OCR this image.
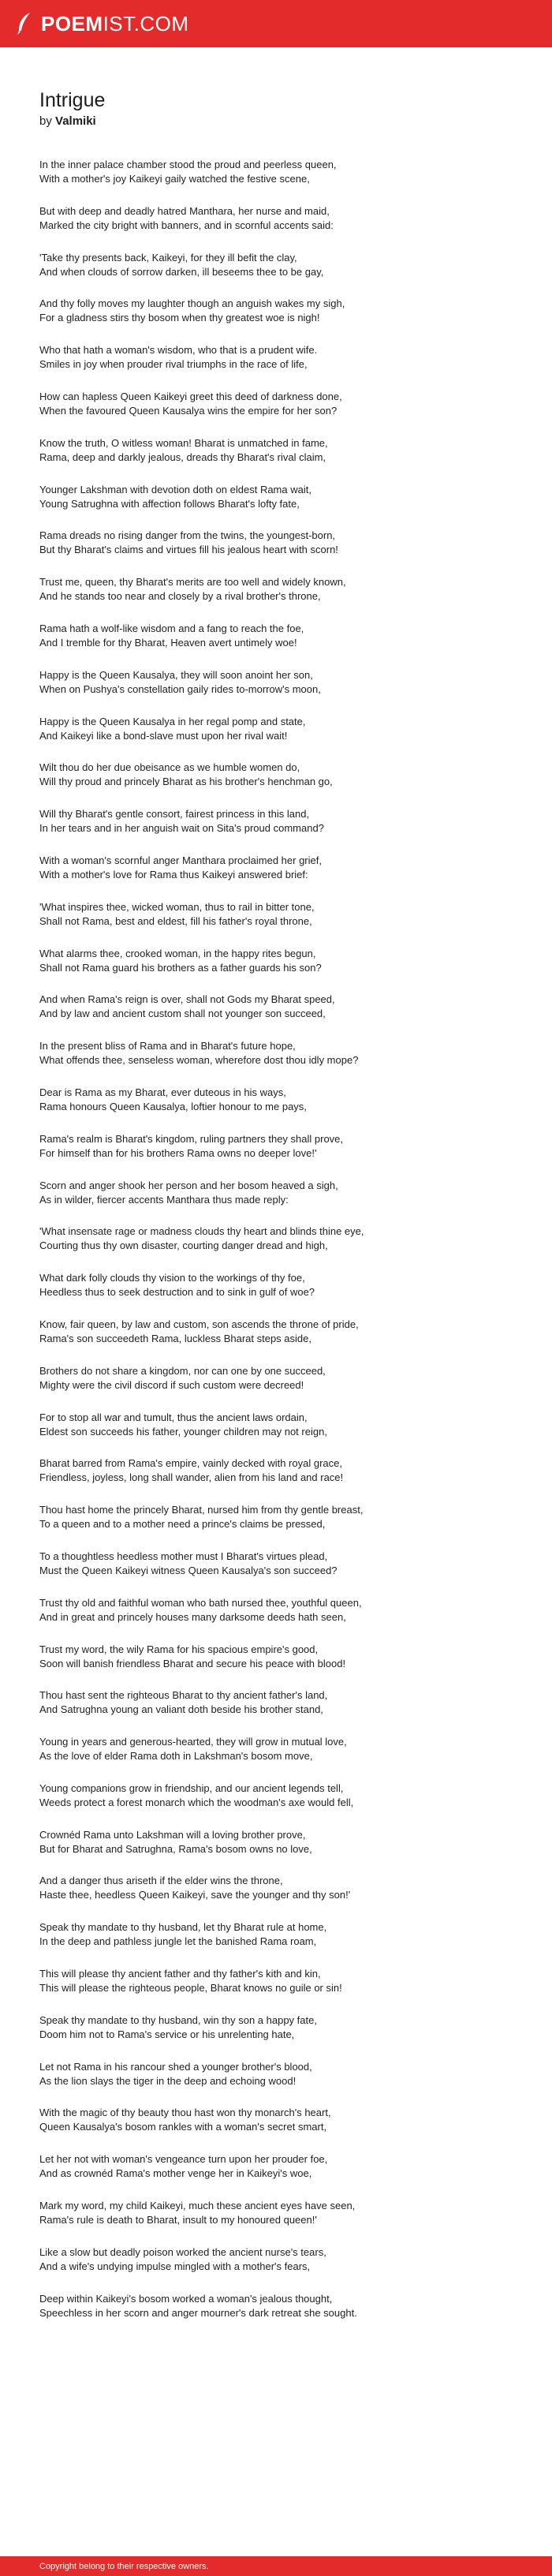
POEMIST.COM
Intrigue
by Valmiki
In the inner palace chamber stood the proud and peerless queen,
With a mother's joy Kaikeyi gaily watched the festive scene,
But with deep and deadly hatred Manthara, her nurse and maid,
Marked the city bright with banners, and in scornful accents said:
'Take thy presents back, Kaikeyi, for they ill befit the clay,
And when clouds of sorrow darken, ill beseems thee to be gay,
And thy folly moves my laughter though an anguish wakes my sigh,
For a gladness stirs thy bosom when thy greatest woe is nigh!
Who that hath a woman's wisdom, who that is a prudent wife.
Smiles in joy when prouder rival triumphs in the race of life,
How can hapless Queen Kaikeyi greet this deed of darkness done,
When the favoured Queen Kausalya wins the empire for her son?
Know the truth, O witless woman! Bharat is unmatched in fame,
Rama, deep and darkly jealous, dreads thy Bharat's rival claim,
Younger Lakshman with devotion doth on eldest Rama wait,
Young Satrughna with affection follows Bharat's lofty fate,
Rama dreads no rising danger from the twins, the youngest-born,
But thy Bharat's claims and virtues fill his jealous heart with scorn!
Trust me, queen, thy Bharat's merits are too well and widely known,
And he stands too near and closely by a rival brother's throne,
Rama hath a wolf-like wisdom and a fang to reach the foe,
And I tremble for thy Bharat, Heaven avert untimely woe!
Happy is the Queen Kausalya, they will soon anoint her son,
When on Pushya's constellation gaily rides to-morrow's moon,
Happy is the Queen Kausalya in her regal pomp and state,
And Kaikeyi like a bond-slave must upon her rival wait!
Wilt thou do her due obeisance as we humble women do,
Will thy proud and princely Bharat as his brother's henchman go,
Will thy Bharat's gentle consort, fairest princess in this land,
In her tears and in her anguish wait on Sita's proud command?
With a woman's scornful anger Manthara proclaimed her grief,
With a mother's love for Rama thus Kaikeyi answered brief:
'What inspires thee, wicked woman, thus to rail in bitter tone,
Shall not Rama, best and eldest, fill his father's royal throne,
What alarms thee, crooked woman, in the happy rites begun,
Shall not Rama guard his brothers as a father guards his son?
And when Rama's reign is over, shall not Gods my Bharat speed,
And by law and ancient custom shall not younger son succeed,
In the present bliss of Rama and in Bharat's future hope,
What offends thee, senseless woman, wherefore dost thou idly mope?
Dear is Rama as my Bharat, ever duteous in his ways,
Rama honours Queen Kausalya, loftier honour to me pays,
Rama's realm is Bharat's kingdom, ruling partners they shall prove,
For himself than for his brothers Rama owns no deeper love!'
Scorn and anger shook her person and her bosom heaved a sigh,
As in wilder, fiercer accents Manthara thus made reply:
'What insensate rage or madness clouds thy heart and blinds thine eye,
Courting thus thy own disaster, courting danger dread and high,
What dark folly clouds thy vision to the workings of thy foe,
Heedless thus to seek destruction and to sink in gulf of woe?
Know, fair queen, by law and custom, son ascends the throne of pride,
Rama's son succeedeth Rama, luckless Bharat steps aside,
Brothers do not share a kingdom, nor can one by one succeed,
Mighty were the civil discord if such custom were decreed!
For to stop all war and tumult, thus the ancient laws ordain,
Eldest son succeeds his father, younger children may not reign,
Bharat barred from Rama's empire, vainly decked with royal grace,
Friendless, joyless, long shall wander, alien from his land and race!
Thou hast home the princely Bharat, nursed him from thy gentle breast,
To a queen and to a mother need a prince's claims be pressed,
To a thoughtless heedless mother must I Bharat's virtues plead,
Must the Queen Kaikeyi witness Queen Kausalya's son succeed?
Trust thy old and faithful woman who bath nursed thee, youthful queen,
And in great and princely houses many darksome deeds hath seen,
Trust my word, the wily Rama for his spacious empire's good,
Soon will banish friendless Bharat and secure his peace with blood!
Thou hast sent the righteous Bharat to thy ancient father's land,
And Satrughna young an valiant doth beside his brother stand,
Young in years and generous-hearted, they will grow in mutual love,
As the love of elder Rama doth in Lakshman's bosom move,
Young companions grow in friendship, and our ancient legends tell,
Weeds protect a forest monarch which the woodman's axe would fell,
Crownéd Rama unto Lakshman will a loving brother prove,
But for Bharat and Satrughna, Rama's bosom owns no love,
And a danger thus ariseth if the elder wins the throne,
Haste thee, heedless Queen Kaikeyi, save the younger and thy son!'
Speak thy mandate to thy husband, let thy Bharat rule at home,
In the deep and pathless jungle let the banished Rama roam,
This will please thy ancient father and thy father's kith and kin,
This will please the righteous people, Bharat knows no guile or sin!
Speak thy mandate to thy husband, win thy son a happy fate,
Doom him not to Rama's service or his unrelenting hate,
Let not Rama in his rancour shed a younger brother's blood,
As the lion slays the tiger in the deep and echoing wood!
With the magic of thy beauty thou hast won thy monarch's heart,
Queen Kausalya's bosom rankles with a woman's secret smart,
Let her not with woman's vengeance turn upon her prouder foe,
And as crownéd Rama's mother venge her in Kaikeyi's woe,
Mark my word, my child Kaikeyi, much these ancient eyes have seen,
Rama's rule is death to Bharat, insult to my honoured queen!'
Like a slow but deadly poison worked the ancient nurse's tears,
And a wife's undying impulse mingled with a mother's fears,
Deep within Kaikeyi's bosom worked a woman's jealous thought,
Speechless in her scorn and anger mourner's dark retreat she sought.
Copyright belong to their respective owners.
